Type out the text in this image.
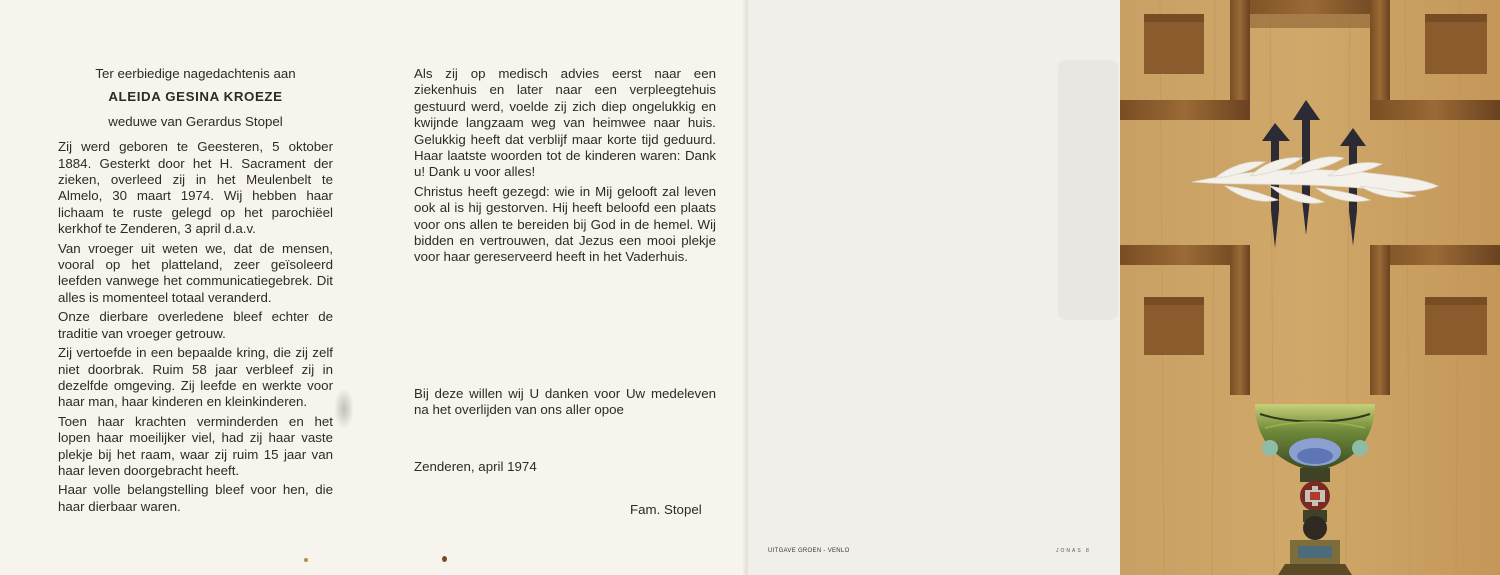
Ter eerbiedige nagedachtenis aan
ALEIDA GESINA KROEZE
weduwe van Gerardus Stopel
Zij werd geboren te Geesteren, 5 oktober 1884. Gesterkt door het H. Sacrament der zieken, overleed zij in het Meulenbelt te Almelo, 30 maart 1974. Wij hebben haar lichaam te ruste gelegd op het parochiëel kerkhof te Zenderen, 3 april d.a.v.
Van vroeger uit weten we, dat de mensen, vooral op het platteland, zeer geïsoleerd leefden vanwege het communicatiegebrek. Dit alles is momenteel totaal veranderd.
Onze dierbare overledene bleef echter de traditie van vroeger getrouw.
Zij vertoefde in een bepaalde kring, die zij zelf niet doorbrak. Ruim 58 jaar verbleef zij in dezelfde omgeving. Zij leefde en werkte voor haar man, haar kinderen en kleinkinderen.
Toen haar krachten verminderden en het lopen haar moeilijker viel, had zij haar vaste plekje bij het raam, waar zij ruim 15 jaar van haar leven doorgebracht heeft.
Haar volle belangstelling bleef voor hen, die haar dierbaar waren.
Als zij op medisch advies eerst naar een ziekenhuis en later naar een verpleegtehuis gestuurd werd, voelde zij zich diep ongelukkig en kwijnde langzaam weg van heimwee naar huis. Gelukkig heeft dat verblijf maar korte tijd geduurd. Haar laatste woorden tot de kinderen waren: Dank u! Dank u voor alles!
Christus heeft gezegd: wie in Mij gelooft zal leven ook al is hij gestorven. Hij heeft beloofd een plaats voor ons allen te bereiden bij God in de hemel. Wij bidden en vertrouwen, dat Jezus een mooi plekje voor haar gereserveerd heeft in het Vaderhuis.
Bij deze willen wij U danken voor Uw medeleven na het overlijden van ons aller opoe
Zenderen, april 1974
Fam. Stopel
UITGAVE GROEN - VENLO	JONAS 8
